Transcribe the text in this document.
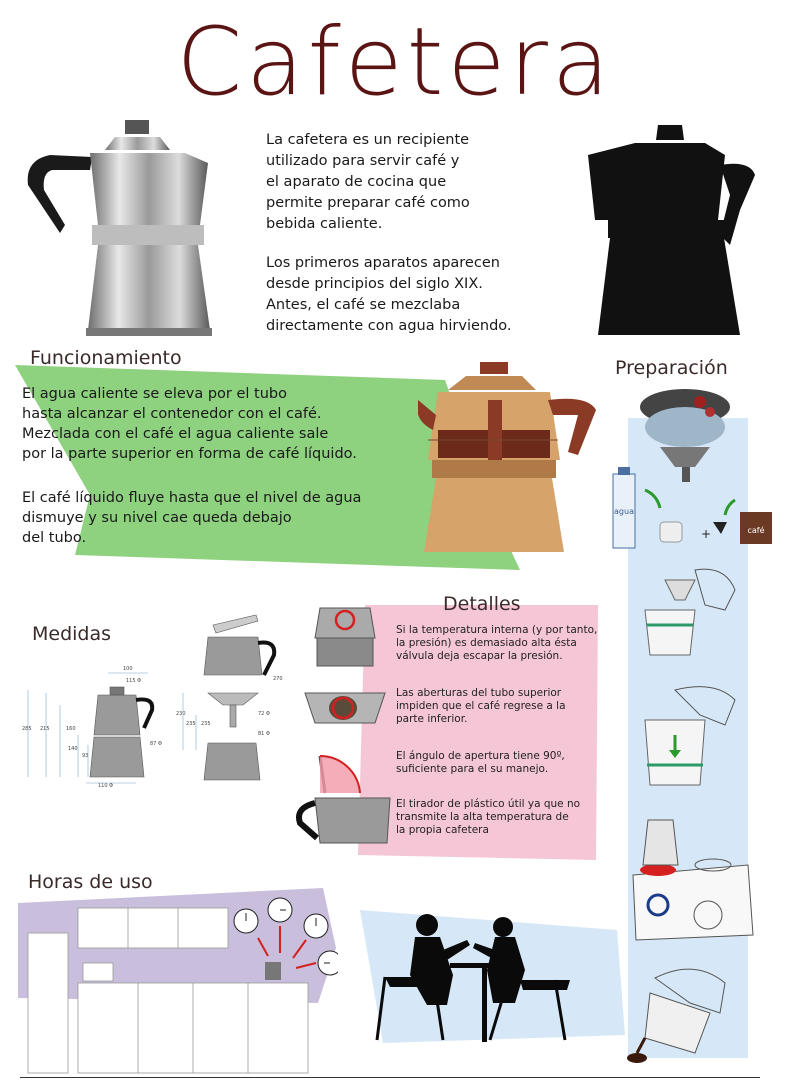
Cafetera

La cafetera es un recipiente
utilizado para servir café y
el aparato de cocina que
permite preparar café como
bebida caliente.

Los primeros aparatos aparecen
desde principios del siglo XIX.
Antes, el café se mezclaba
directamente con agua hirviendo.

Funcionamiento
El agua caliente se eleva por el tubo
hasta alcanzar el contenedor con el café.
Mezclada con el café el agua caliente sale
por la parte superior en forma de café líquido.
El café líquido fluye hasta que el nivel de agua
dismuye y su nivel cae queda debajo
del tubo.
Preparación
agua
+	café
Medidas
100
115 Φ
160
215
285
140
93
87 Φ
110 Φ
270
230
235 235
72 Φ
81 Φ
Detalles
Si la temperatura interna (y por tanto,
la presión) es demasiado alta ésta
válvula deja escapar la presión.
Las aberturas del tubo superior
impiden que el café regrese a la
parte inferior.
El ángulo de apertura tiene 90º,
suficiente para el su manejo.
El tirador de plástico útil ya que no
transmite la alta temperatura de
la propia cafetera
Horas de uso
